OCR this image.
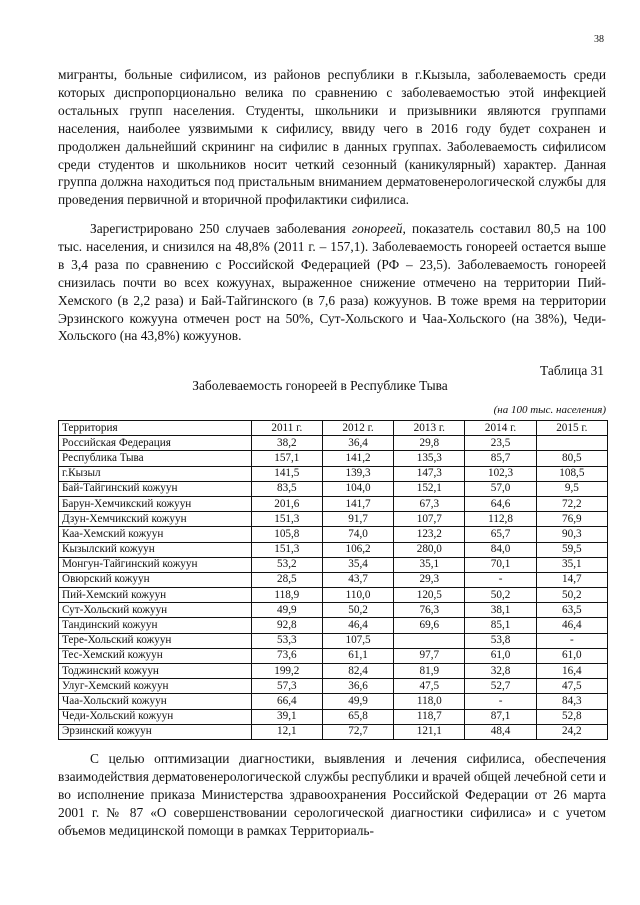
38

мигранты, больные сифилисом, из районов республики в г.Кызыла, заболеваемость среди которых диспропорционально велика по сравнению с заболеваемостью этой инфекцией остальных групп населения. Студенты, школьники и призывники являются группами населения, наиболее уязвимыми к сифилису, ввиду чего в 2016 году будет сохранен и продолжен дальнейший скрининг на сифилис в данных группах. Заболеваемость сифилисом среди студентов и школьников носит четкий сезонный (каникулярный) характер. Данная группа должна находиться под пристальным вниманием дерматовенерологической службы для проведения первичной и вторичной профилактики сифилиса.

Зарегистрировано 250 случаев заболевания гонореей, показатель составил 80,5 на 100 тыс. населения, и снизился на 48,8% (2011 г. – 157,1). Заболеваемость гонореей остается выше в 3,4 раза по сравнению с Российской Федерацией (РФ – 23,5). Заболеваемость гонореей снизилась почти во всех кожуунах, выраженное снижение отмечено на территории Пий-Хемского (в 2,2 раза) и Бай-Тайгинского (в 7,6 раза) кожуунов. В тоже время на территории Эрзинского кожууна отмечен рост на 50%, Сут-Хольского и Чаа-Хольского (на 38%), Чеди-Хольского (на 43,8%) кожуунов.

Таблица 31
Заболеваемость гонореей в Республике Тыва
(на 100 тыс. населения)
Территория	2011 г.	2012 г.	2013 г.	2014 г.	2015 г.
Российская Федерация	38,2	36,4	29,8	23,5	
Республика Тыва	157,1	141,2	135,3	85,7	80,5
г.Кызыл	141,5	139,3	147,3	102,3	108,5
Бай-Тайгинский кожуун	83,5	104,0	152,1	57,0	9,5
Барун-Хемчикский кожуун	201,6	141,7	67,3	64,6	72,2
Дзун-Хемчикский кожуун	151,3	91,7	107,7	112,8	76,9
Каа-Хемский кожуун	105,8	74,0	123,2	65,7	90,3
Кызылский кожуун	151,3	106,2	280,0	84,0	59,5
Монгун-Тайгинский кожуун	53,2	35,4	35,1	70,1	35,1
Овюрский кожуун	28,5	43,7	29,3	-	14,7
Пий-Хемский кожуун	118,9	110,0	120,5	50,2	50,2
Сут-Хольский кожуун	49,9	50,2	76,3	38,1	63,5
Тандинский кожуун	92,8	46,4	69,6	85,1	46,4
Тере-Хольский кожуун	53,3	107,5		53,8	-
Тес-Хемский кожуун	73,6	61,1	97,7	61,0	61,0
Тоджинский кожуун	199,2	82,4	81,9	32,8	16,4
Улуг-Хемский кожуун	57,3	36,6	47,5	52,7	47,5
Чаа-Хольский кожуун	66,4	49,9	118,0	-	84,3
Чеди-Хольский кожуун	39,1	65,8	118,7	87,1	52,8
Эрзинский кожуун	12,1	72,7	121,1	48,4	24,2

С целью оптимизации диагностики, выявления и лечения сифилиса, обеспечения взаимодействия дерматовенерологической службы республики и врачей общей лечебной сети и во исполнение приказа Министерства здравоохранения Российской Федерации от 26 марта 2001 г. № 87 «О совершенствовании серологической диагностики сифилиса» и с учетом объемов медицинской помощи в рамках Территориаль-
